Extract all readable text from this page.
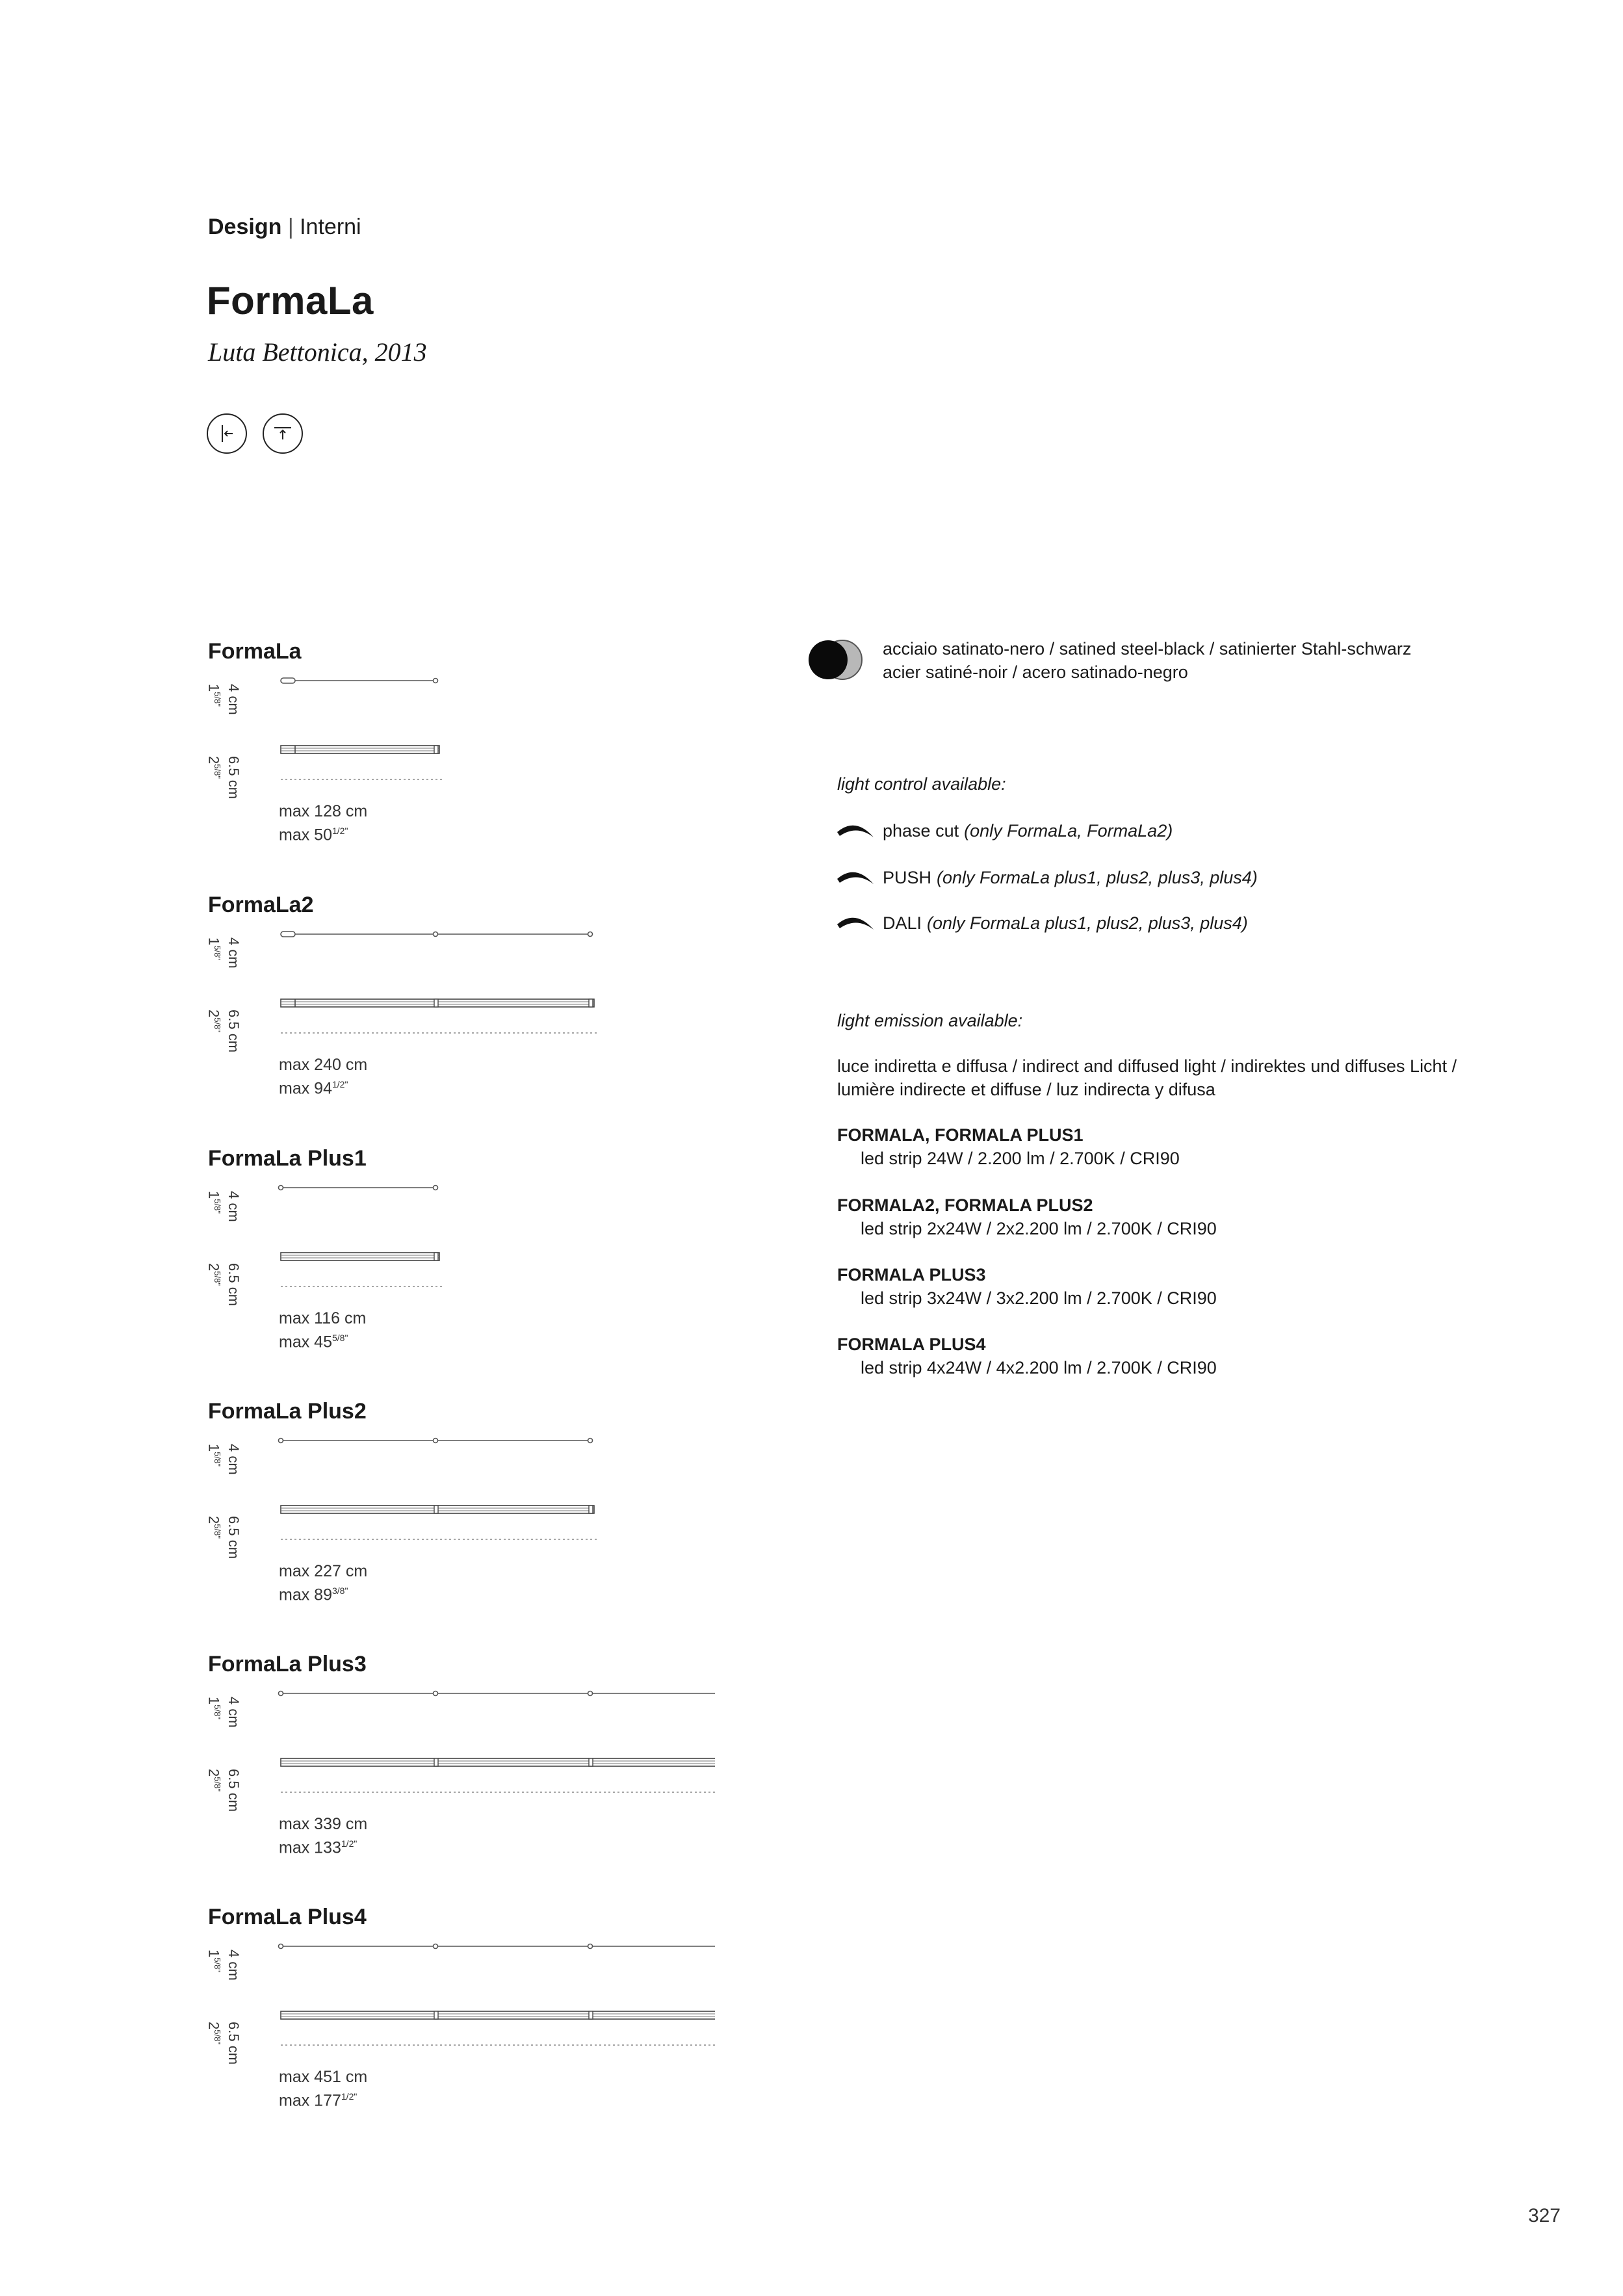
Design | Interni
FormaLa
Luta Bettonica, 2013
FormaLa
4 cm
$1^{5/8"}$
6.5 cm
$2^{5/8"}$
max 128 cm
$\max 50^{1/2"}$
FormaLa2
4 cm
$1^{5/8"}$
6.5 cm
$2^{5/8"}$
max 240 cm
$\max 94^{1/2"}$
FormaLa Plus1
4 cm
$1^{5/8"}$
6.5 cm
$2^{5/8"}$
max 116 cm
$\max 45^{5/8"}$
FormaLa Plus2
4 cm
$1^{5/8"}$
6.5 cm
$2^{5/8"}$
max 227 cm
$\max 89^{3/8"}$
FormaLa Plus3
4 cm
$1^{5/8"}$
6.5 cm
$2^{5/8"}$
max 339 cm
$\max 133^{1/2"}$
FormaLa Plus4
4 cm
$1^{5/8"}$
6.5 cm
$2^{5/8"}$
max 451 cm
$\max 177^{1/2"}$
acciaio satinato-nero / satined steel-black / satinierter Stahl-schwarz
acier satiné-noir / acero satinado-negro
light control available:
phase cut (only FormaLa, FormaLa2)
PUSH (only FormaLa plus1, plus2, plus3, plus4)
DALI (only FormaLa plus1, plus2, plus3, plus4)
light emission available:
luce indiretta e diffusa / indirect and diffused light / indirektes und diffuses Licht /
lumière indirecte et diffuse / luz indirecta y difusa
FORMALA, FORMALA PLUS1
led strip 24W / 2.200 lm / 2.700K / CRI90
FORMALA2, FORMALA PLUS2
led strip 2x24W / 2x2.200 lm / 2.700K / CRI90
FORMALA PLUS3
led strip 3x24W / 3x2.200 lm / 2.700K / CRI90
FORMALA PLUS4
led strip 4x24W / 4x2.200 lm / 2.700K / CRI90
327
